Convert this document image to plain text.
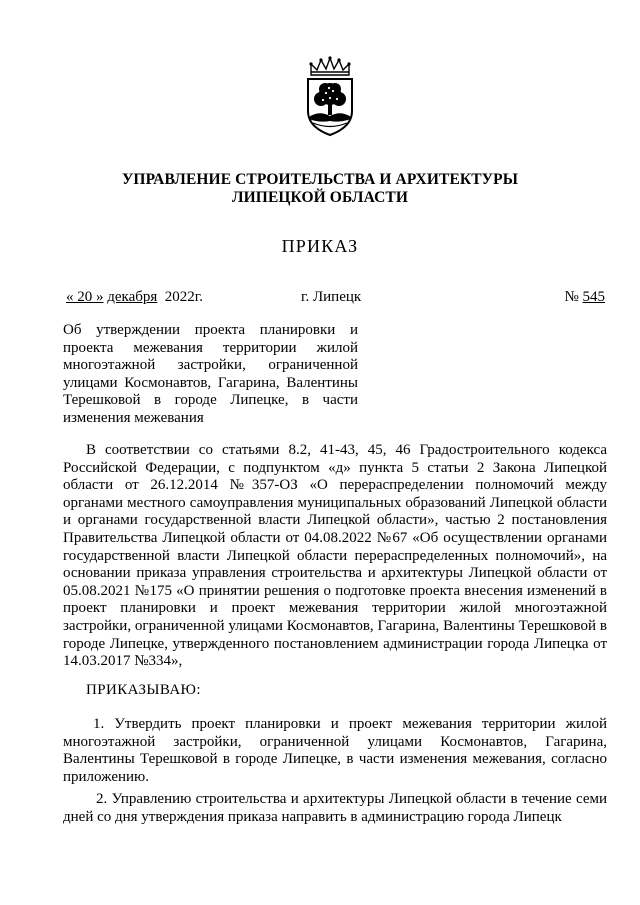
УПРАВЛЕНИЕ СТРОИТЕЛЬСТВА И АРХИТЕКТУРЫ
ЛИПЕЦКОЙ ОБЛАСТИ
ПРИКАЗ
« 20 » декабря 2022г.	г. Липецк	№ 545
Об утверждении проекта планировки и проекта межевания территории жилой многоэтажной застройки, ограниченной улицами Космонавтов, Гагарина, Валентины Терешковой в городе Липецке, в части изменения межевания
В соответствии со статьями 8.2, 41-43, 45, 46 Градостроительного кодекса Российской Федерации, с подпунктом «д» пункта 5 статьи 2 Закона Липецкой области от 26.12.2014 №357-ОЗ «О перераспределении полномочий между органами местного самоуправления муниципальных образований Липецкой области и органами государственной власти Липецкой области», частью 2 постановления Правительства Липецкой области от 04.08.2022 №67 «Об осуществлении органами государственной власти Липецкой области перераспределенных полномочий», на основании приказа управления строительства и архитектуры Липецкой области от 05.08.2021 №175 «О принятии решения о подготовке проекта внесения изменений в проект планировки и проект межевания территории жилой многоэтажной застройки, ограниченной улицами Космонавтов, Гагарина, Валентины Терешковой в городе Липецке, утвержденного постановлением администрации города Липецка от 14.03.2017 №334»,
ПРИКАЗЫВАЮ:
1. Утвердить проект планировки и проект межевания территории жилой многоэтажной застройки, ограниченной улицами Космонавтов, Гагарина, Валентины Терешковой в городе Липецке, в части изменения межевания, согласно приложению.
2. Управлению строительства и архитектуры Липецкой области в течение семи дней со дня утверждения приказа направить в администрацию города Липецк
